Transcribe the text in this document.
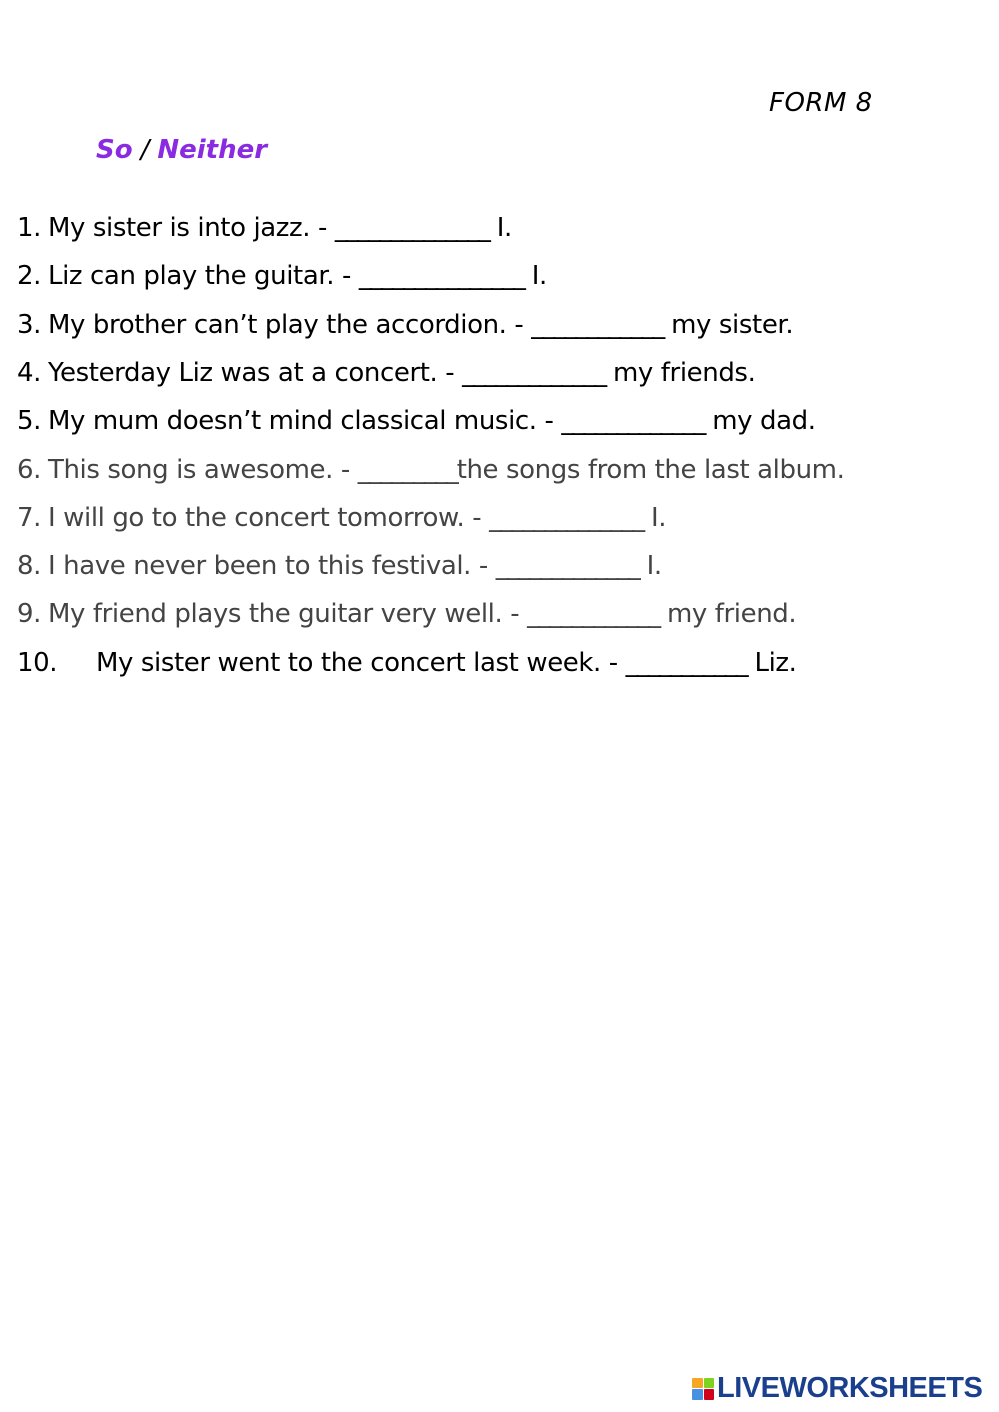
FORM 8
So / Neither
1. My sister is into jazz. - ______________ I.
2. Liz can play the guitar. - _______________ I.
3. My brother can’t play the accordion. - ____________ my sister.
4. Yesterday Liz was at a concert. - _____________ my friends.
5. My mum doesn’t mind classical music. - _____________ my dad.
6. This song is awesome. - _________the songs from the last album.
7. I will go to the concert tomorrow. - ______________ I.
8. I have never been to this festival. - _____________ I.
9. My friend plays the guitar very well. - ____________ my friend.
10. My sister went to the concert last week. - ___________ Liz.
LIVEWORKSHEETS
